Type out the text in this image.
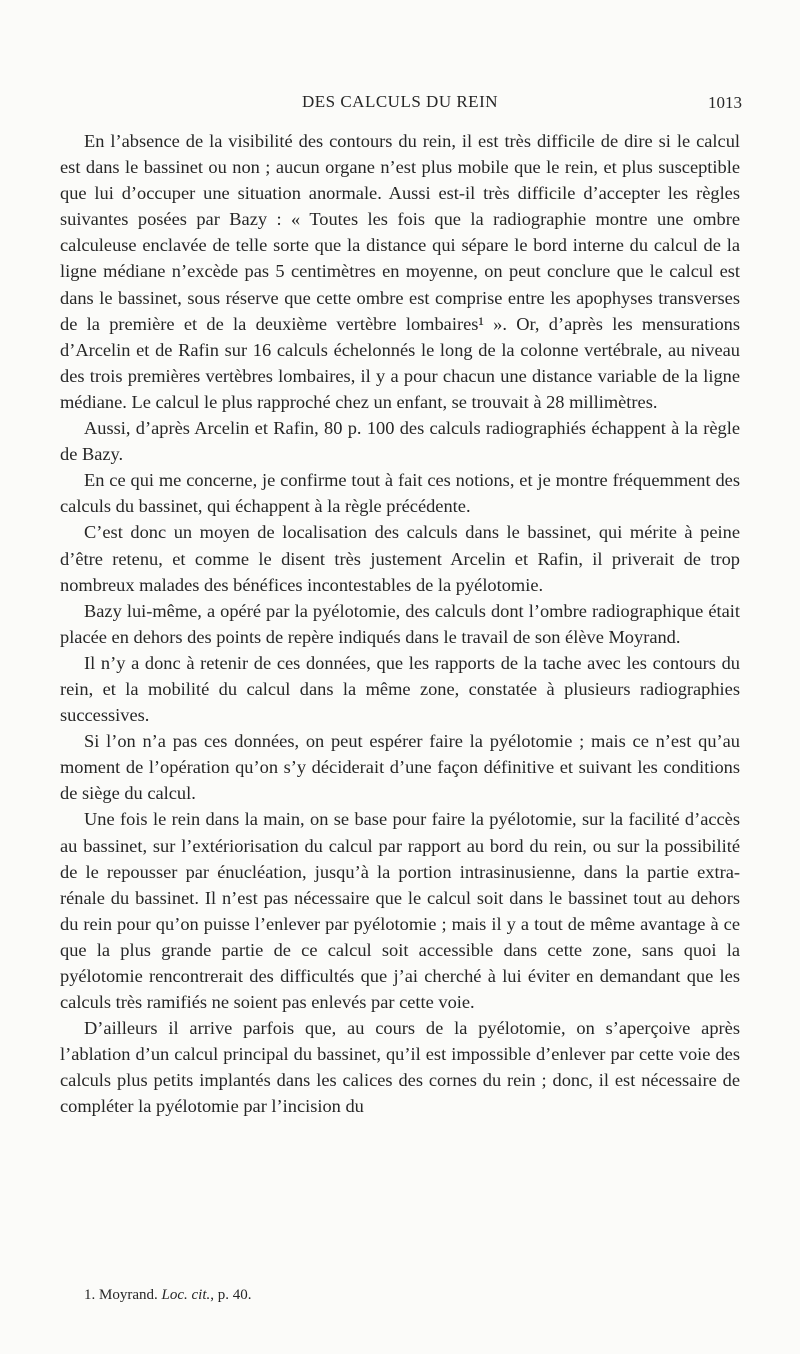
DES CALCULS DU REIN	1013

En l’absence de la visibilité des contours du rein, il est très difficile de dire si le calcul est dans le bassinet ou non ; aucun organe n’est plus mobile que le rein, et plus susceptible que lui d’occuper une situation anormale. Aussi est-il très difficile d’accepter les règles suivantes posées par Bazy : « Toutes les fois que la radiographie montre une ombre calculeuse enclavée de telle sorte que la distance qui sépare le bord interne du calcul de la ligne médiane n’excède pas 5 centimètres en moyenne, on peut conclure que le calcul est dans le bassinet, sous réserve que cette ombre est comprise entre les apophyses transverses de la première et de la deuxième vertèbre lombaires¹ ». Or, d’après les mensurations d’Arcelin et de Rafin sur 16 calculs échelonnés le long de la colonne vertébrale, au niveau des trois premières vertèbres lombaires, il y a pour chacun une distance variable de la ligne médiane. Le calcul le plus rapproché chez un enfant, se trouvait à 28 millimètres.

Aussi, d’après Arcelin et Rafin, 80 p. 100 des calculs radiographiés échappent à la règle de Bazy.

En ce qui me concerne, je confirme tout à fait ces notions, et je montre fréquemment des calculs du bassinet, qui échappent à la règle précédente.

C’est donc un moyen de localisation des calculs dans le bassinet, qui mérite à peine d’être retenu, et comme le disent très justement Arcelin et Rafin, il priverait de trop nombreux malades des bénéfices incontestables de la pyélotomie.

Bazy lui-même, a opéré par la pyélotomie, des calculs dont l’ombre radiographique était placée en dehors des points de repère indiqués dans le travail de son élève Moyrand.

Il n’y a donc à retenir de ces données, que les rapports de la tache avec les contours du rein, et la mobilité du calcul dans la même zone, constatée à plusieurs radiographies successives.

Si l’on n’a pas ces données, on peut espérer faire la pyélotomie ; mais ce n’est qu’au moment de l’opération qu’on s’y déciderait d’une façon définitive et suivant les conditions de siège du calcul.

Une fois le rein dans la main, on se base pour faire la pyélotomie, sur la facilité d’accès au bassinet, sur l’extériorisation du calcul par rapport au bord du rein, ou sur la possibilité de le repousser par énucléation, jusqu’à la portion intrasinusienne, dans la partie extra-rénale du bassinet. Il n’est pas nécessaire que le calcul soit dans le bassinet tout au dehors du rein pour qu’on puisse l’enlever par pyélotomie ; mais il y a tout de même avantage à ce que la plus grande partie de ce calcul soit accessible dans cette zone, sans quoi la pyélotomie rencontrerait des difficultés que j’ai cherché à lui éviter en demandant que les calculs très ramifiés ne soient pas enlevés par cette voie.

D’ailleurs il arrive parfois que, au cours de la pyélotomie, on s’aperçoive après l’ablation d’un calcul principal du bassinet, qu’il est impossible d’enlever par cette voie des calculs plus petits implantés dans les calices des cornes du rein ; donc, il est nécessaire de compléter la pyélotomie par l’incision du

1. Moyrand. Loc. cit., p. 40.
